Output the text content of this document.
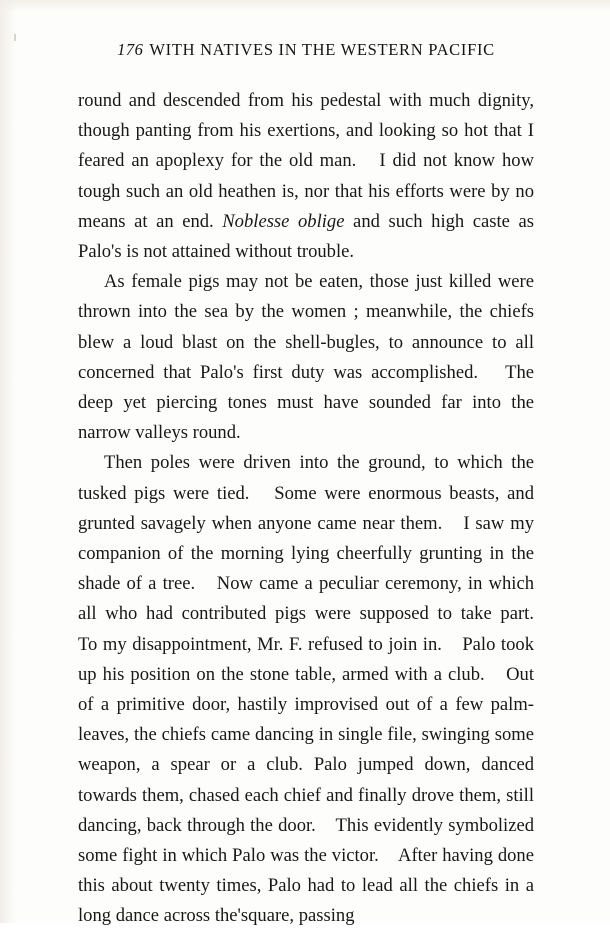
176 WITH NATIVES IN THE WESTERN PACIFIC

round and descended from his pedestal with much dignity, though panting from his exertions, and looking so hot that I feared an apoplexy for the old man.　I did not know how tough such an old heathen is, nor that his efforts were by no means at an end. Noblesse oblige and such high caste as Palo's is not attained without trouble.

As female pigs may not be eaten, those just killed were thrown into the sea by the women ; meanwhile, the chiefs blew a loud blast on the shell-bugles, to announce to all concerned that Palo's first duty was accomplished.　The deep yet piercing tones must have sounded far into the narrow valleys round.

Then poles were driven into the ground, to which the tusked pigs were tied.　Some were enormous beasts, and grunted savagely when anyone came near them.　I saw my companion of the morning lying cheerfully grunting in the shade of a tree.　Now came a peculiar ceremony, in which all who had contributed pigs were supposed to take part.　To my disappointment, Mr. F. refused to join in.　Palo took up his position on the stone table, armed with a club.　Out of a primitive door, hastily improvised out of a few palm-leaves, the chiefs came dancing in single file, swinging some weapon, a spear or a club. Palo jumped down, danced towards them, chased each chief and finally drove them, still dancing, back through the door.　This evidently symbolized some fight in which Palo was the victor.　After having done this about twenty times, Palo had to lead all the chiefs in a long dance across the'square, passing
